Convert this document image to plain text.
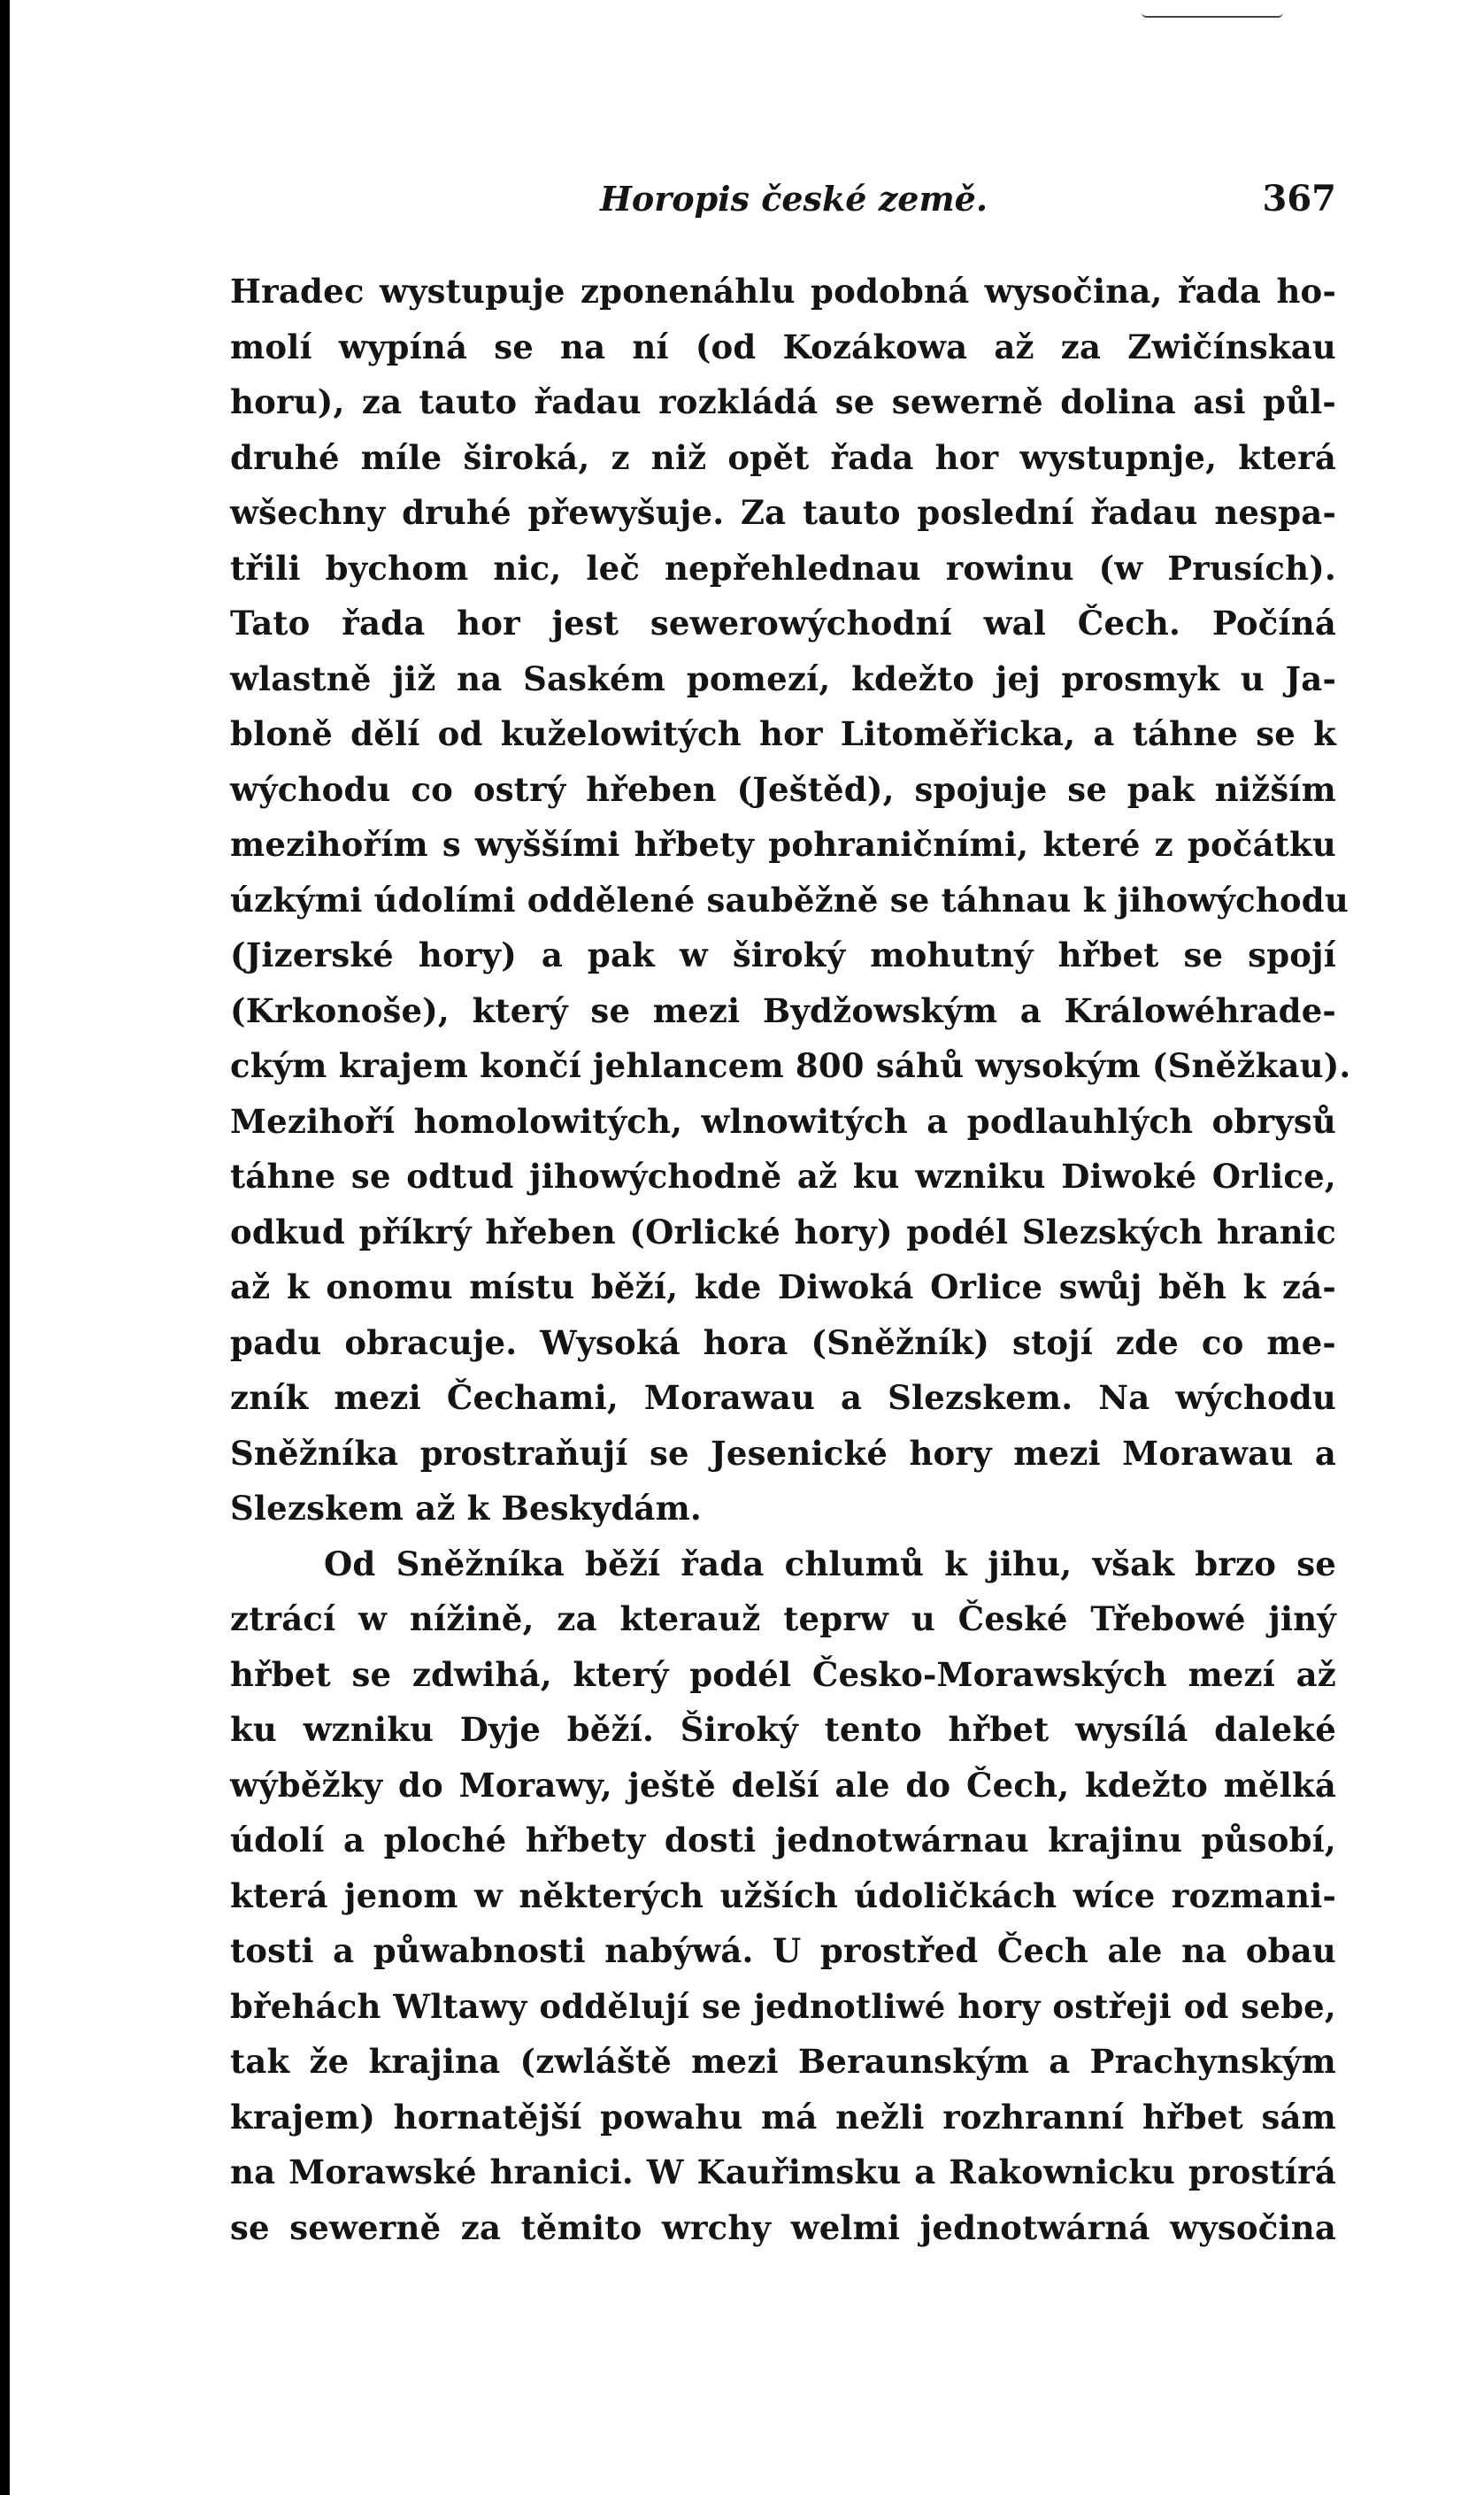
Horopis české země.	367
Hradec wystupuje zponenáhlu podobná wysočina, řada ho-
molí wypíná se na ní (od Kozákowa až za Zwičínskau
horu), za tauto řadau rozkládá se sewerně dolina asi půl-
druhé míle široká, z niž opět řada hor wystupnje, která
wšechny druhé přewyšuje. Za tauto poslední řadau nespa-
třili bychom nic, leč nepřehlednau rowinu (w Prusích).
Tato řada hor jest sewerowýchodní wal Čech. Počíná
wlastně již na Saském pomezí, kdežto jej prosmyk u Ja-
bloně dělí od kuželowitých hor Litoměřicka, a táhne se k
wýchodu co ostrý hřeben (Ještěd), spojuje se pak nižším
mezihořím s wyššími hřbety pohraničními, které z počátku
úzkými údolími oddělené sauběžně se táhnau k jihowýchodu
(Jizerské hory) a pak w široký mohutný hřbet se spojí
(Krkonoše), který se mezi Bydžowským a Králowéhrade-
ckým krajem končí jehlancem 800 sáhů wysokým (Sněžkau).
Mezihoří homolowitých, wlnowitých a podlauhlých obrysů
táhne se odtud jihowýchodně až ku wzniku Diwoké Orlice,
odkud příkrý hřeben (Orlické hory) podél Slezských hranic
až k onomu místu běží, kde Diwoká Orlice swůj běh k zá-
padu obracuje. Wysoká hora (Sněžník) stojí zde co me-
zník mezi Čechami, Morawau a Slezskem. Na wýchodu
Sněžníka prostraňují se Jesenické hory mezi Morawau a
Slezskem až k Beskydám.
Od Sněžníka běží řada chlumů k jihu, však brzo se
ztrácí w nížině, za kterauž teprw u České Třebowé jiný
hřbet se zdwihá, který podél Česko-Morawských mezí až
ku wzniku Dyje běží. Široký tento hřbet wysílá daleké
wýběžky do Morawy, ještě delší ale do Čech, kdežto mělká
údolí a ploché hřbety dosti jednotwárnau krajinu působí,
která jenom w některých užších údoličkách wíce rozmani-
tosti a půwabnosti nabýwá. U prostřed Čech ale na obau
břehách Wltawy oddělují se jednotliwé hory ostřeji od sebe,
tak že krajina (zwláště mezi Beraunským a Prachynským
krajem) hornatější powahu má nežli rozhranní hřbet sám
na Morawské hranici. W Kauřimsku a Rakownicku prostírá
se sewerně za těmito wrchy welmi jednotwárná wysočina
